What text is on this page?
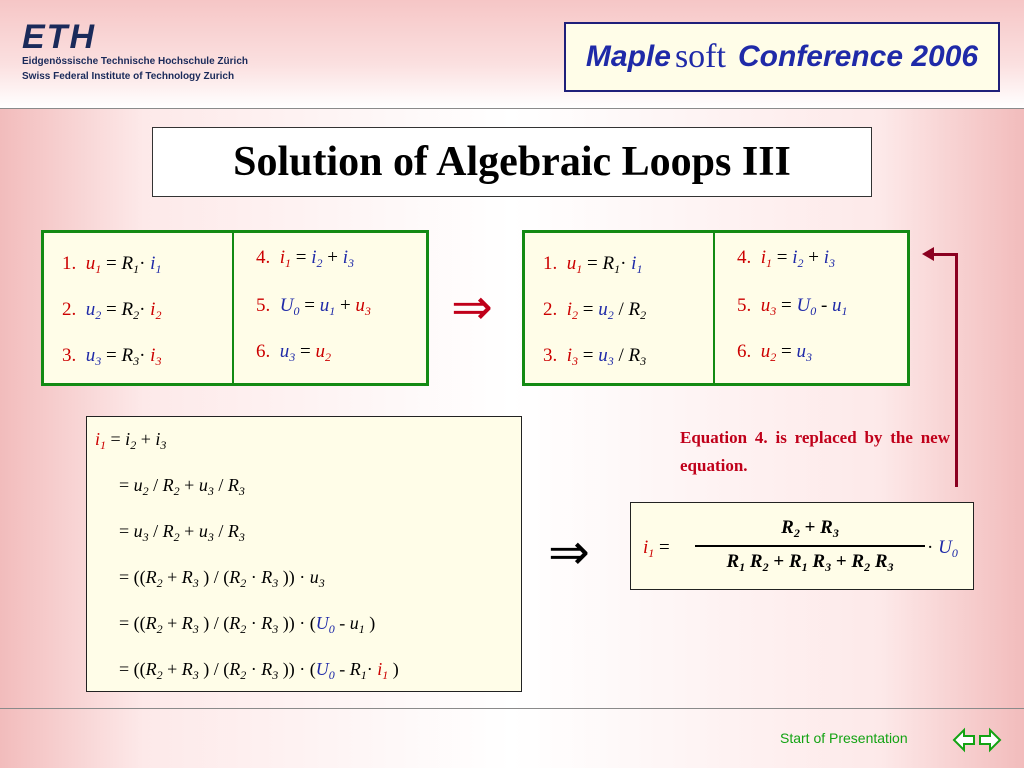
ETH
Eidgenössische Technische Hochschule Zürich
Swiss Federal Institute of Technology Zurich
Maple soft
Conference 2006
Solution of Algebraic Loops III
1.  $u_1 = R_1\cdot i_1$
2.  $u_2 = R_2\cdot i_2$
3.  $u_3 = R_3\cdot i_3$
4.  $i_1 = i_2 + i_3$
5.  $U_0 = u_1 + u_3$
6.  $u_3 = u_2$
⇒
1.  $u_1 = R_1\cdot i_1$
2.  $i_2 = u_2 / R_2$
3.  $i_3 = u_3 / R_3$
4.  $i_1 = i_2 + i_3$
5.  $u_3 = U_0 - u_1$
6.  $u_2 = u_3$
$i_1 = i_2 + i_3$
= $u_2 / R_2 + u_3 / R_3$
= $u_3 / R_2 + u_3 / R_3$
= (($R_2 + R_3$ ) / ($R_2 \cdot R_3$ )) · $u_3$
= (($R_2 + R_3$ ) / ($R_2 \cdot R_3$ )) · ($U_0 - u_1$ )
= (($R_2 + R_3$ ) / ($R_2 \cdot R_3$ )) · ($U_0 - R_1\cdot i_1$ )
Equation 4. is replaced by the new equation.
⇒	$i_1 = \frac{R_2 + R_3}{R_1 R_2 + R_1 R_3 + R_2 R_3} \cdot U_0$
Start of Presentation
